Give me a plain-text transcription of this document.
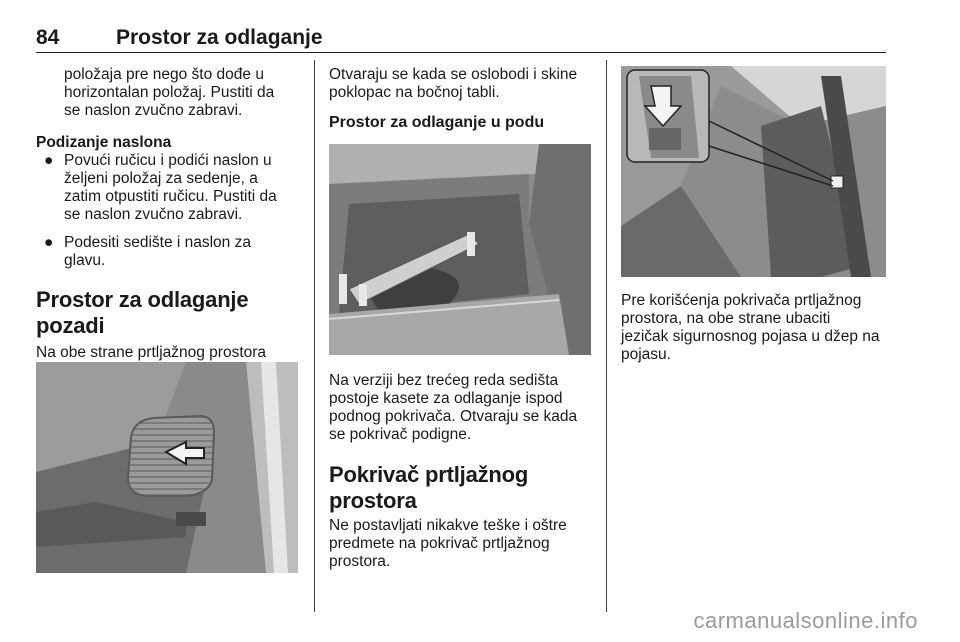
84	Prostor za odlaganje

položaja pre nego što dođe u

horizontalan položaj. Pustiti da

se naslon zvučno zabravi.

Podizanje naslona

● Povući ručicu i podići naslon u

željeni položaj za sedenje, a

zatim otpustiti ručicu. Pustiti da

se naslon zvučno zabravi.

● Podesiti sedište i naslon za

glavu.

Prostor za odlaganje pozadi

Na obe strane prtljažnog prostora

Otvaraju se kada se oslobodi i skine

poklopac na bočnoj tabli.

Prostor za odlaganje u podu

Na verziji bez trećeg reda sedišta

postoje kasete za odlaganje ispod

podnog pokrivača. Otvaraju se kada

se pokrivač podigne.

Pokrivač prtljažnog prostora

Ne postavljati nikakve teške i oštre

predmete na pokrivač prtljažnog

prostora.

Pre korišćenja pokrivača prtljažnog

prostora, na obe strane ubaciti

jezičak sigurnosnog pojasa u džep na

pojasu.

carmanualsonline.info
